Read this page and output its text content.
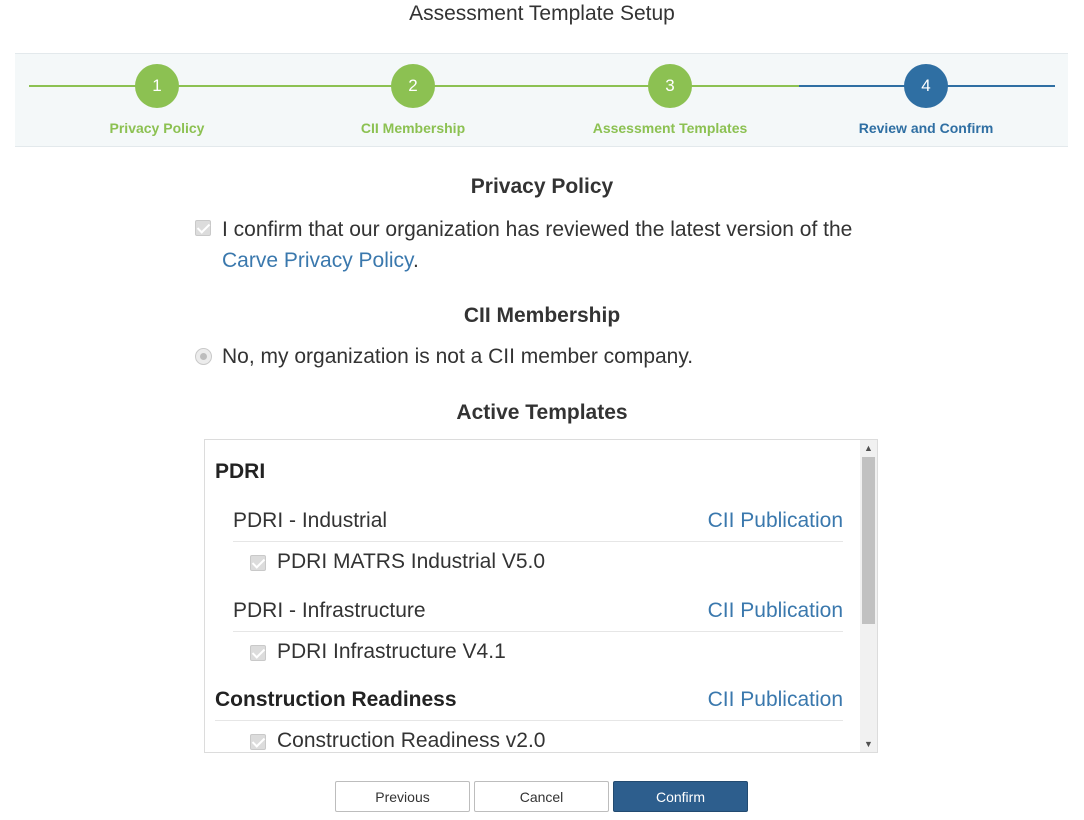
Assessment Template Setup
1
Privacy Policy
2
CII Membership
3
Assessment Templates
4
Review and Confirm
Privacy Policy
I confirm that our organization has reviewed the latest version of the
Carve Privacy Policy.
CII Membership
No, my organization is not a CII member company.
Active Templates
PDRI
PDRI - Industrial	CII Publication
PDRI MATRS Industrial V5.0
PDRI - Infrastructure	CII Publication
PDRI Infrastructure V4.1
Construction Readiness	CII Publication
Construction Readiness v2.0
▲
▼
Previous	Cancel	Confirm
